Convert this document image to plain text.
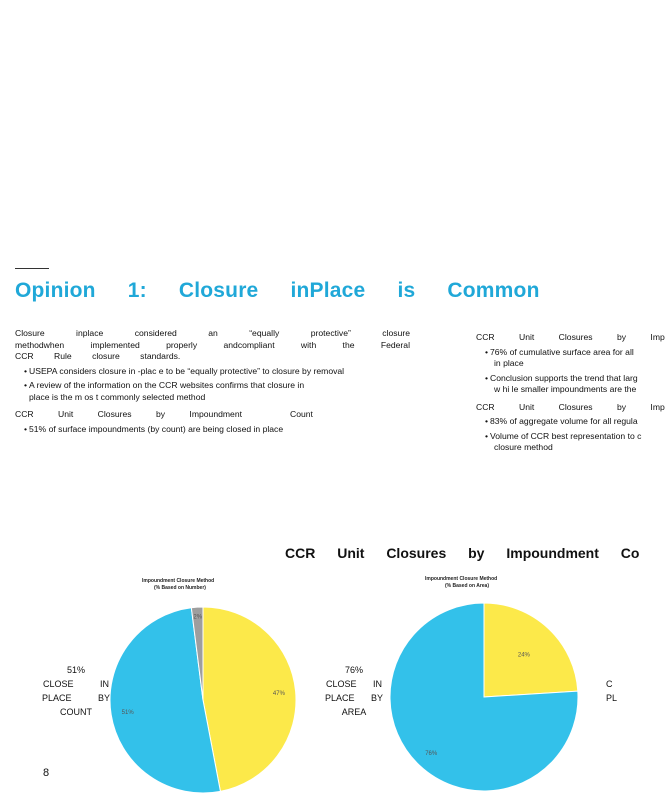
Opinion 1: Closure inPlace is Common
Closure inplace considered an “equally protective” closure methodwhen implemented properly andcompliant with the Federal CCR Rule closure standards.
• USEPA considers closure in -plac e to be “equally protective” to closure by removal
• A review of the information on the CCR websites confirms that closure in place is the m os t commonly selected method
CCR Unit Closures by Impoundment	Count
• 51% of surface impoundments (by count) are being closed in place
CCR Unit Closures by Imp
• 76% of cumulative surface area for all
in place
• Conclusion supports the trend that larg
w hi le smaller impoundments are the
CCR Unit Closures by Imp
• 83% of aggregate volume for all regula
• Volume of CCR best representation to c
closure method
CCR Unit Closures by Impoundment Co
Impoundment Closure Method
(% Based on Number)
Impoundment Closure Method
(% Based on Area)
51%
CLOSE IN
PLACE BY
COUNT
76%
CLOSE IN
PLACE BY
AREA
C
PL
47%
51%
2%
24%
76%
8
